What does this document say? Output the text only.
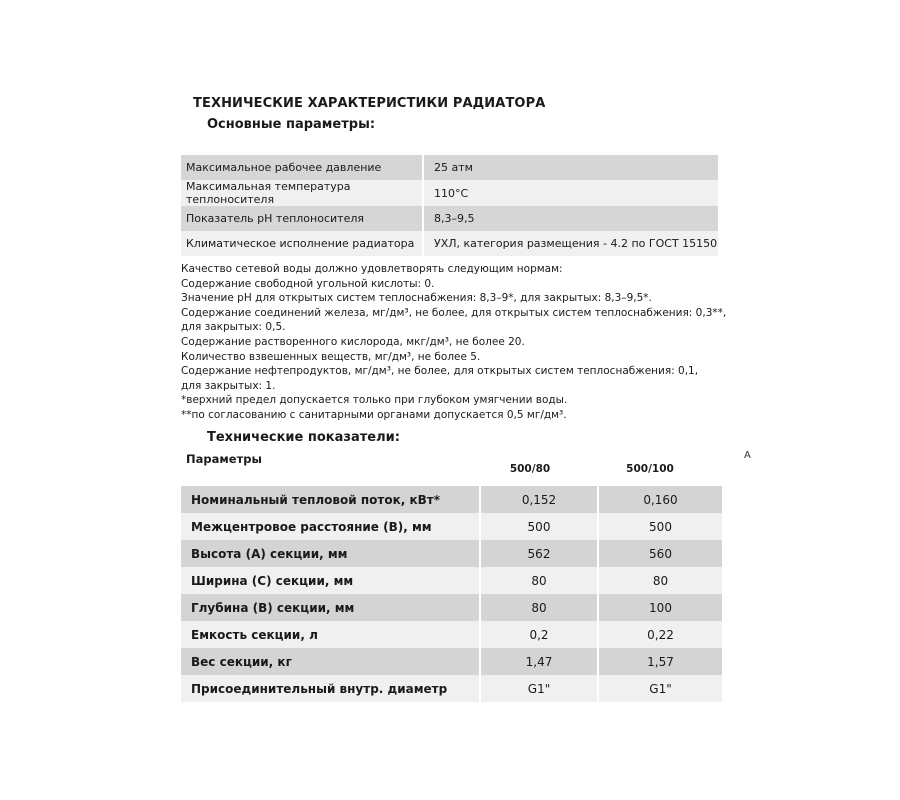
ТЕХНИЧЕСКИЕ ХАРАКТЕРИСТИКИ РАДИАТОРА
Основные параметры:
Максимальное рабочее давление	25 атм
Максимальная температура теплоносителя	110°С
Показатель pH теплоносителя	8,3–9,5
Климатическое исполнение радиатора	УХЛ, категория размещения - 4.2 по ГОСТ 15150
Качество сетевой воды должно удовлетворять следующим нормам:
Содержание свободной угольной кислоты: 0.
Значение pH для открытых систем теплоснабжения: 8,3–9*, для закрытых: 8,3–9,5*.
Содержание соединений железа, мг/дм³, не более, для открытых систем теплоснабжения: 0,3**,
для закрытых: 0,5.
Содержание растворенного кислорода, мкг/дм³, не более 20.
Количество взвешенных веществ, мг/дм³, не более 5.
Содержание нефтепродуктов, мг/дм³, не более, для открытых систем теплоснабжения: 0,1,
для закрытых: 1.
*верхний предел допускается только при глубоком умягчении воды.
**по согласованию с санитарными органами допускается 0,5 мг/дм³.
Технические показатели:
Параметры
500/80	500/100
A
Номинальный тепловой поток, кВт*	0,152	0,160
Межцентровое расстояние (В), мм	500	500
Высота (А) секции, мм	562	560
Ширина (С) секции, мм	80	80
Глубина (В) секции, мм	80	100
Емкость секции, л	0,2	0,22
Вес секции, кг	1,47	1,57
Присоединительный внутр. диаметр	G1"	G1"
